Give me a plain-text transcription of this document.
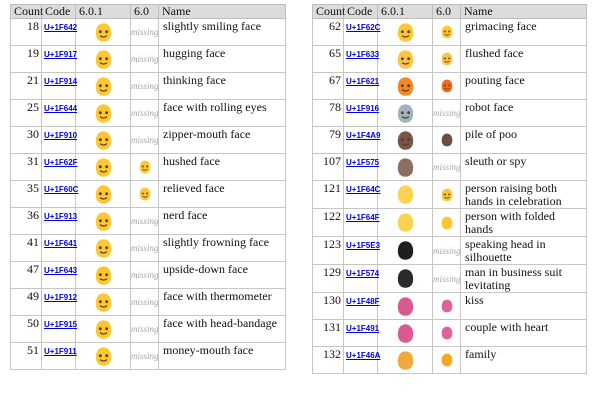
Count	Code	6.0.1	6.0	Name
18	U+1F642		missing	slightly smiling face
19	U+1F917		missing	hugging face
21	U+1F914		missing	thinking face
25	U+1F644		missing	face with rolling eyes
30	U+1F910		missing	zipper-mouth face
31	U+1F62F			hushed face
35	U+1F60C			relieved face
36	U+1F913		missing	nerd face
41	U+1F641		missing	slightly frowning face
47	U+1F643		missing	upside-down face
49	U+1F912		missing	face with thermometer
50	U+1F915		missing	face with head-bandage
51	U+1F911		missing	money-mouth face
Count	Code	6.0.1	6.0	Name
62	U+1F62C			grimacing face
65	U+1F633			flushed face
67	U+1F621			pouting face
78	U+1F916		missing	robot face
79	U+1F4A9			pile of poo
107	U+1F575		missing	sleuth or spy
121	U+1F64C			person raising both hands in celebration
122	U+1F64F			person with folded hands
123	U+1F5E3		missing	speaking head in silhouette
129	U+1F574		missing	man in business suit levitating
130	U+1F48F			kiss
131	U+1F491			couple with heart
132	U+1F46A			family
